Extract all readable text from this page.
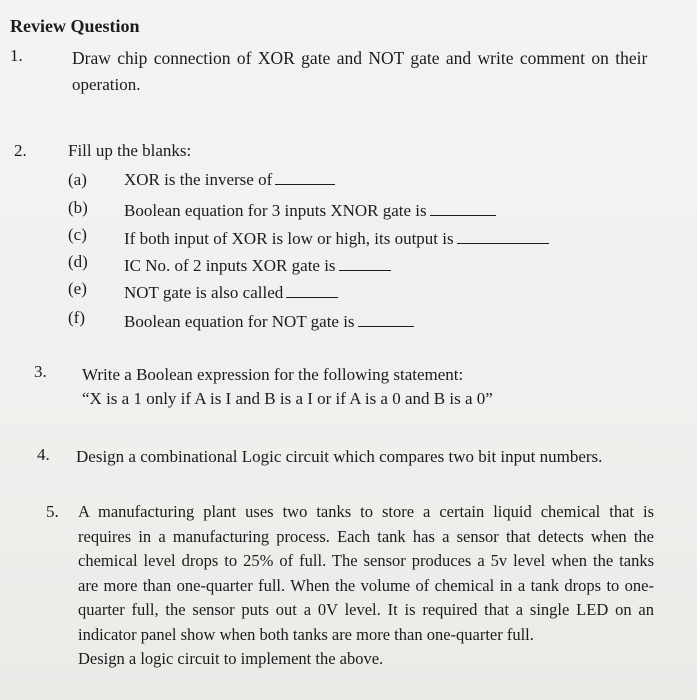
Review Question
1.	Draw chip connection of XOR gate and NOT gate and write comment on their
operation.
2. Fill up the blanks:
(a) XOR is the inverse of
(b) Boolean equation for 3 inputs XNOR gate is
(c) If both input of XOR is low or high, its output is
(d) IC No. of 2 inputs XOR gate is
(e) NOT gate is also called
(f) Boolean equation for NOT gate is
3. Write a Boolean expression for the following statement:
“X is a 1 only if A is I and B is a I or if A is a 0 and B is a 0”
4. Design a combinational Logic circuit which compares two bit input numbers.
5. A manufacturing plant uses two tanks to store a certain liquid chemical that is
requires in a manufacturing process. Each tank has a sensor that detects when the
chemical level drops to 25% of full. The sensor produces a 5v level when the tanks
are more than one-quarter full. When the volume of chemical in a tank drops to one-
quarter full, the sensor puts out a 0V level. It is required that a single LED on an
indicator panel show when both tanks are more than one-quarter full.
Design a logic circuit to implement the above.
